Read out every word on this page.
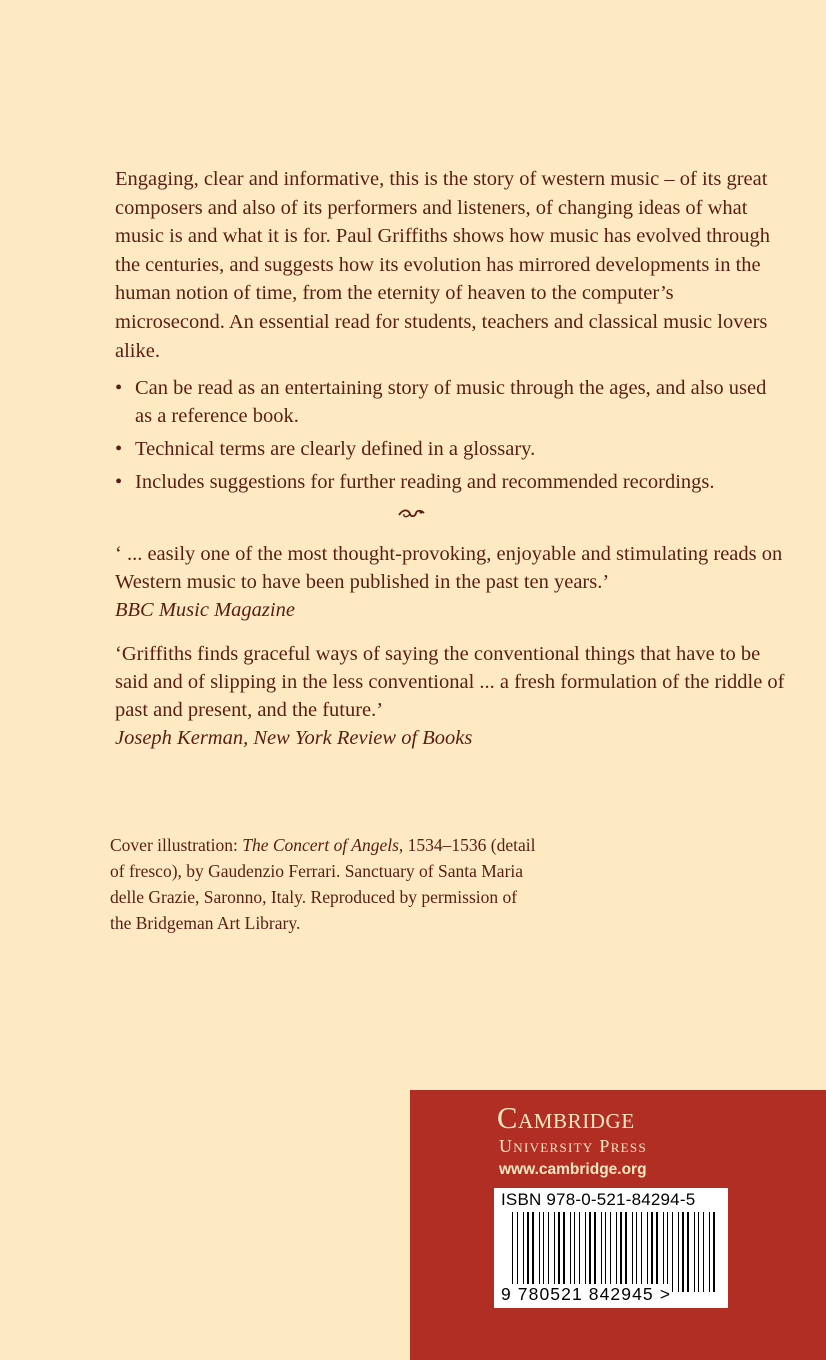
Engaging, clear and informative, this is the story of western music – of its great composers and also of its performers and listeners, of changing ideas of what music is and what it is for. Paul Griffiths shows how music has evolved through the centuries, and suggests how its evolution has mirrored developments in the human notion of time, from the eternity of heaven to the computer’s microsecond. An essential read for students, teachers and classical music lovers alike.

• Can be read as an entertaining story of music through the ages, and also used as a reference book.
• Technical terms are clearly defined in a glossary.
• Includes suggestions for further reading and recommended recordings.

‘ ... easily one of the most thought-provoking, enjoyable and stimulating reads on Western music to have been published in the past ten years.’
BBC Music Magazine

‘Griffiths finds graceful ways of saying the conventional things that have to be said and of slipping in the less conventional ... a fresh formulation of the riddle of past and present, and the future.’
Joseph Kerman, New York Review of Books

Cover illustration: The Concert of Angels, 1534–1536 (detail of fresco), by Gaudenzio Ferrari. Sanctuary of Santa Maria delle Grazie, Saronno, Italy. Reproduced by permission of the Bridgeman Art Library.

Cambridge
University Press
www.cambridge.org
ISBN 978-0-521-84294-5
9 780521 842945 >
